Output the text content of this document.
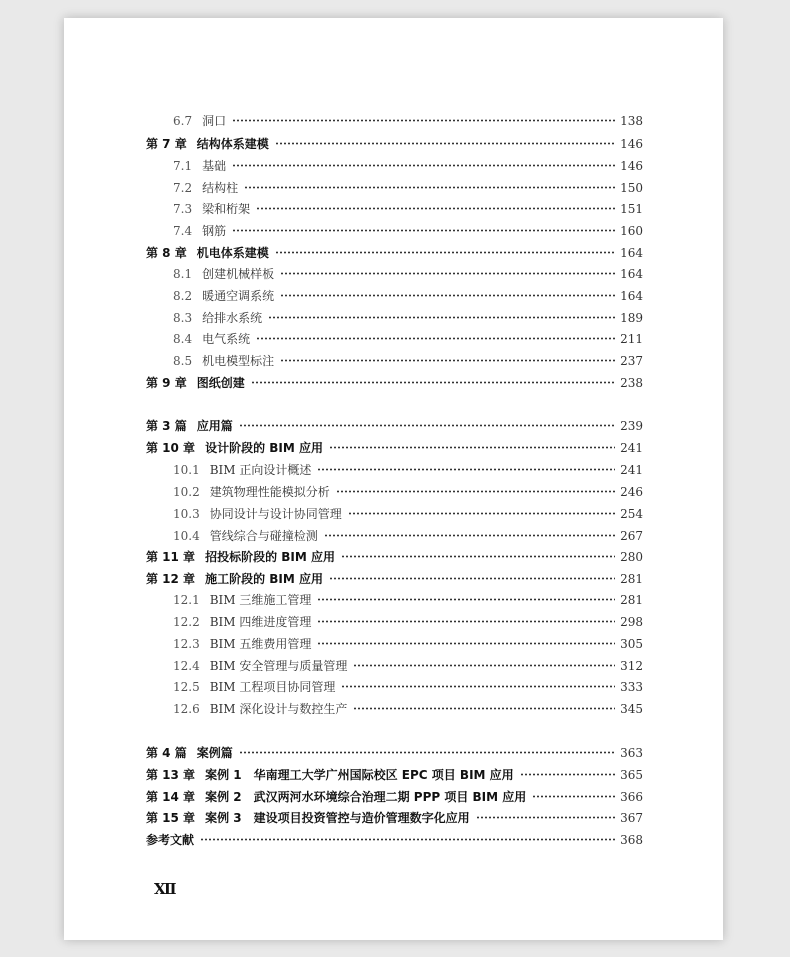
6.7 洞口	138
第 7 章 结构体系建模	146
7.1 基础	146
7.2 结构柱	150
7.3 梁和桁架	151
7.4 钢筋	160
第 8 章 机电体系建模	164
8.1 创建机械样板	164
8.2 暖通空调系统	164
8.3 给排水系统	189
8.4 电气系统	211
8.5 机电模型标注	237
第 9 章 图纸创建	238
第 3 篇 应用篇	239
第 10 章 设计阶段的 BIM 应用	241
10.1 BIM 正向设计概述	241
10.2 建筑物理性能模拟分析	246
10.3 协同设计与设计协同管理	254
10.4 管线综合与碰撞检测	267
第 11 章 招投标阶段的 BIM 应用	280
第 12 章 施工阶段的 BIM 应用	281
12.1 BIM 三维施工管理	281
12.2 BIM 四维进度管理	298
12.3 BIM 五维费用管理	305
12.4 BIM 安全管理与质量管理	312
12.5 BIM 工程项目协同管理	333
12.6 BIM 深化设计与数控生产	345
第 4 篇 案例篇	363
第 13 章 案例 1　华南理工大学广州国际校区 EPC 项目 BIM 应用	365
第 14 章 案例 2　武汉两河水环境综合治理二期 PPP 项目 BIM 应用	366
第 15 章 案例 3　建设项目投资管控与造价管理数字化应用	367
参考文献	368
Ⅻ
